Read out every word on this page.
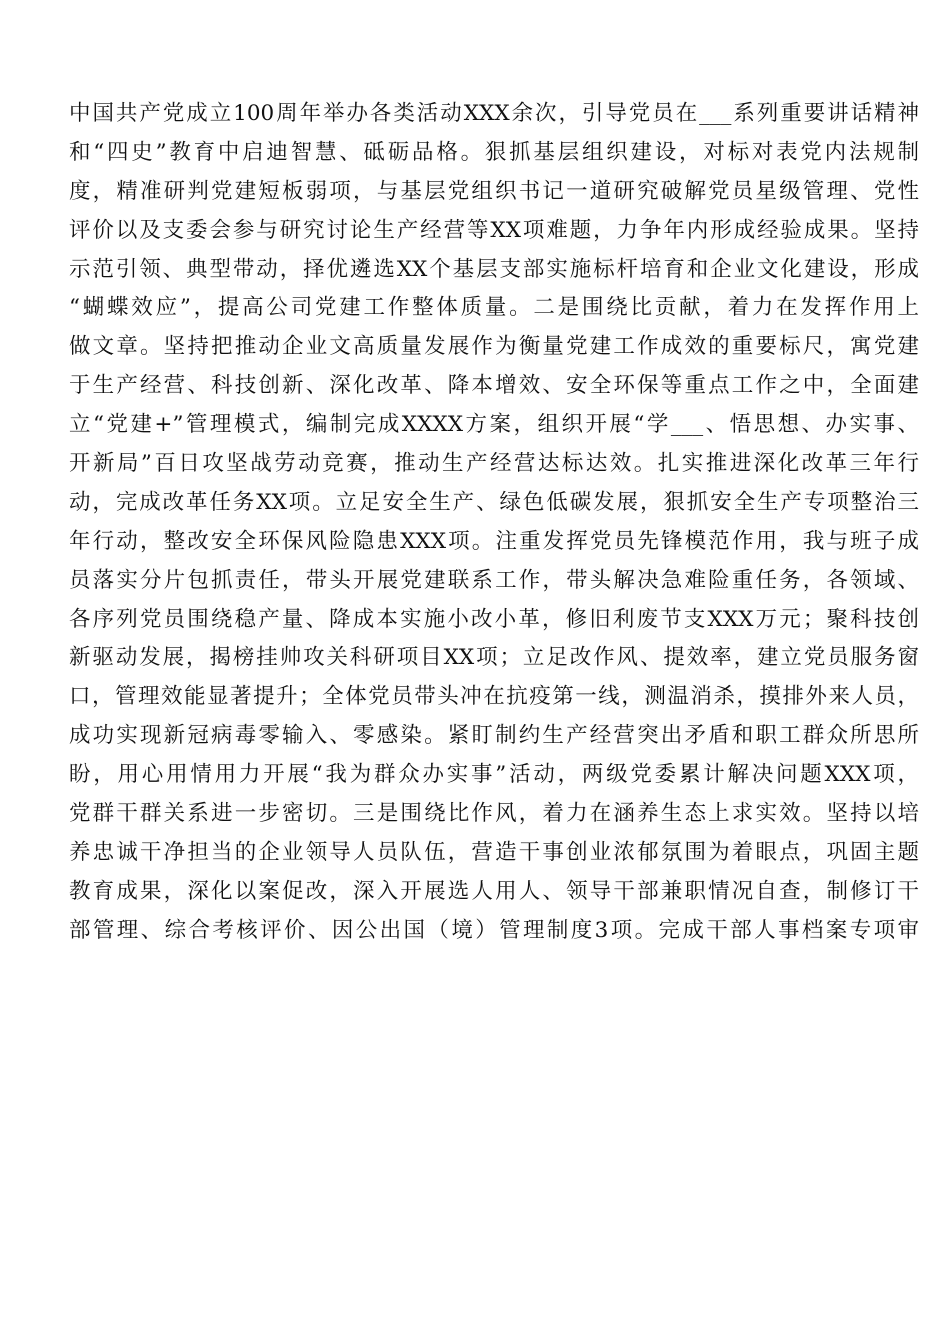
中国共产党成立100周年举办各类活动XXX余次，引导党员在___系列重要讲话精神
和“四史”教育中启迪智慧、砥砺品格。狠抓基层组织建设，对标对表党内法规制
度，精准研判党建短板弱项，与基层党组织书记一道研究破解党员星级管理、党性
评价以及支委会参与研究讨论生产经营等XX项难题，力争年内形成经验成果。坚持
示范引领、典型带动，择优遴选XX个基层支部实施标杆培育和企业文化建设，形成
“蝴蝶效应”，提高公司党建工作整体质量。二是围绕比贡献，着力在发挥作用上
做文章。坚持把推动企业文高质量发展作为衡量党建工作成效的重要标尺，寓党建
于生产经营、科技创新、深化改革、降本增效、安全环保等重点工作之中，全面建
立“党建+”管理模式，编制完成XXXX方案，组织开展“学___、悟思想、办实事、
开新局”百日攻坚战劳动竞赛，推动生产经营达标达效。扎实推进深化改革三年行
动，完成改革任务XX项。立足安全生产、绿色低碳发展，狠抓安全生产专项整治三
年行动，整改安全环保风险隐患XXX项。注重发挥党员先锋模范作用，我与班子成
员落实分片包抓责任，带头开展党建联系工作，带头解决急难险重任务，各领域、
各序列党员围绕稳产量、降成本实施小改小革，修旧利废节支XXX万元；聚科技创
新驱动发展，揭榜挂帅攻关科研项目XX项；立足改作风、提效率，建立党员服务窗
口，管理效能显著提升；全体党员带头冲在抗疫第一线，测温消杀，摸排外来人员，
成功实现新冠病毒零输入、零感染。紧盯制约生产经营突出矛盾和职工群众所思所
盼，用心用情用力开展“我为群众办实事”活动，两级党委累计解决问题XXX项，
党群干群关系进一步密切。三是围绕比作风，着力在涵养生态上求实效。坚持以培
养忠诚干净担当的企业领导人员队伍，营造干事创业浓郁氛围为着眼点，巩固主题
教育成果，深化以案促改，深入开展选人用人、领导干部兼职情况自查，制修订干
部管理、综合考核评价、因公出国（境）管理制度3项。完成干部人事档案专项审
